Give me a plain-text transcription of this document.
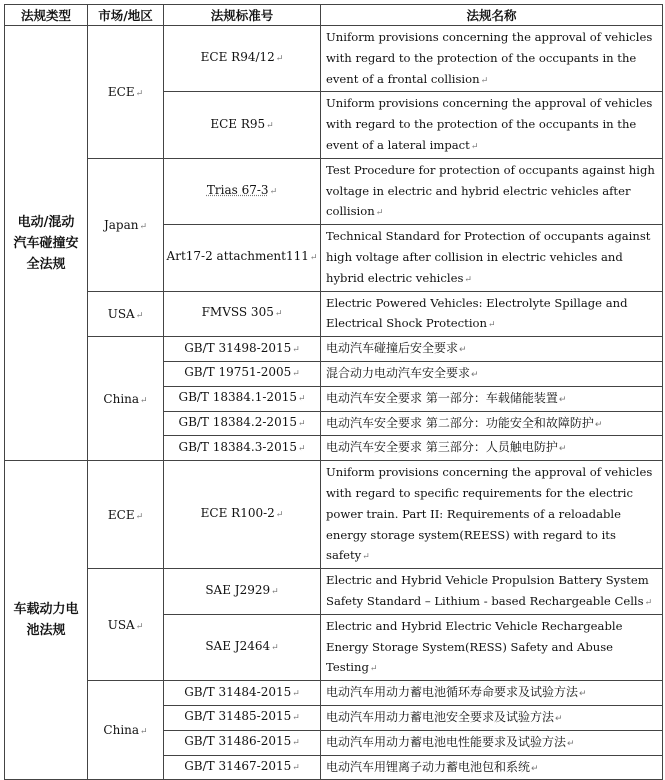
法规类型	市场/地区	法规标准号	法规名称
电动/混动汽车碰撞安全法规	ECE↵	ECE R94/12↵	Uniform provisions concerning the approval of vehicles with regard to the protection of the occupants in the event of a frontal collision↵
		ECE R95↵	Uniform provisions concerning the approval of vehicles with regard to the protection of the occupants in the event of a lateral impact↵
	Japan↵	Trias 67-3↵	Test Procedure for protection of occupants against high voltage in electric and hybrid electric vehicles after collision↵
		Art17-2 attachment111↵	Technical Standard for Protection of occupants against high voltage after collision in electric vehicles and hybrid electric vehicles↵
	USA↵	FMVSS 305↵	Electric Powered Vehicles: Electrolyte Spillage and Electrical Shock Protection↵
	China↵	GB/T 31498-2015↵	电动汽车碰撞后安全要求↵
		GB/T 19751-2005↵	混合动力电动汽车安全要求↵
		GB/T 18384.1-2015↵	电动汽车安全要求 第一部分：车载储能装置↵
		GB/T 18384.2-2015↵	电动汽车安全要求 第二部分：功能安全和故障防护↵
		GB/T 18384.3-2015↵	电动汽车安全要求 第三部分：人员触电防护↵
车载动力电池法规	ECE↵	ECE R100-2↵	Uniform provisions concerning the approval of vehicles with regard to specific requirements for the electric power train. Part II: Requirements of a reloadable energy storage system(REESS) with regard to its safety↵
	USA↵	SAE J2929↵	Electric and Hybrid Vehicle Propulsion Battery System Safety Standard – Lithium - based Rechargeable Cells↵
		SAE J2464↵	Electric and Hybrid Electric Vehicle Rechargeable Energy Storage System(RESS) Safety and Abuse Testing↵
	China↵	GB/T 31484-2015↵	电动汽车用动力蓄电池循环寿命要求及试验方法↵
		GB/T 31485-2015↵	电动汽车用动力蓄电池安全要求及试验方法↵
		GB/T 31486-2015↵	电动汽车用动力蓄电池电性能要求及试验方法↵
		GB/T 31467-2015↵	电动汽车用锂离子动力蓄电池包和系统↵
